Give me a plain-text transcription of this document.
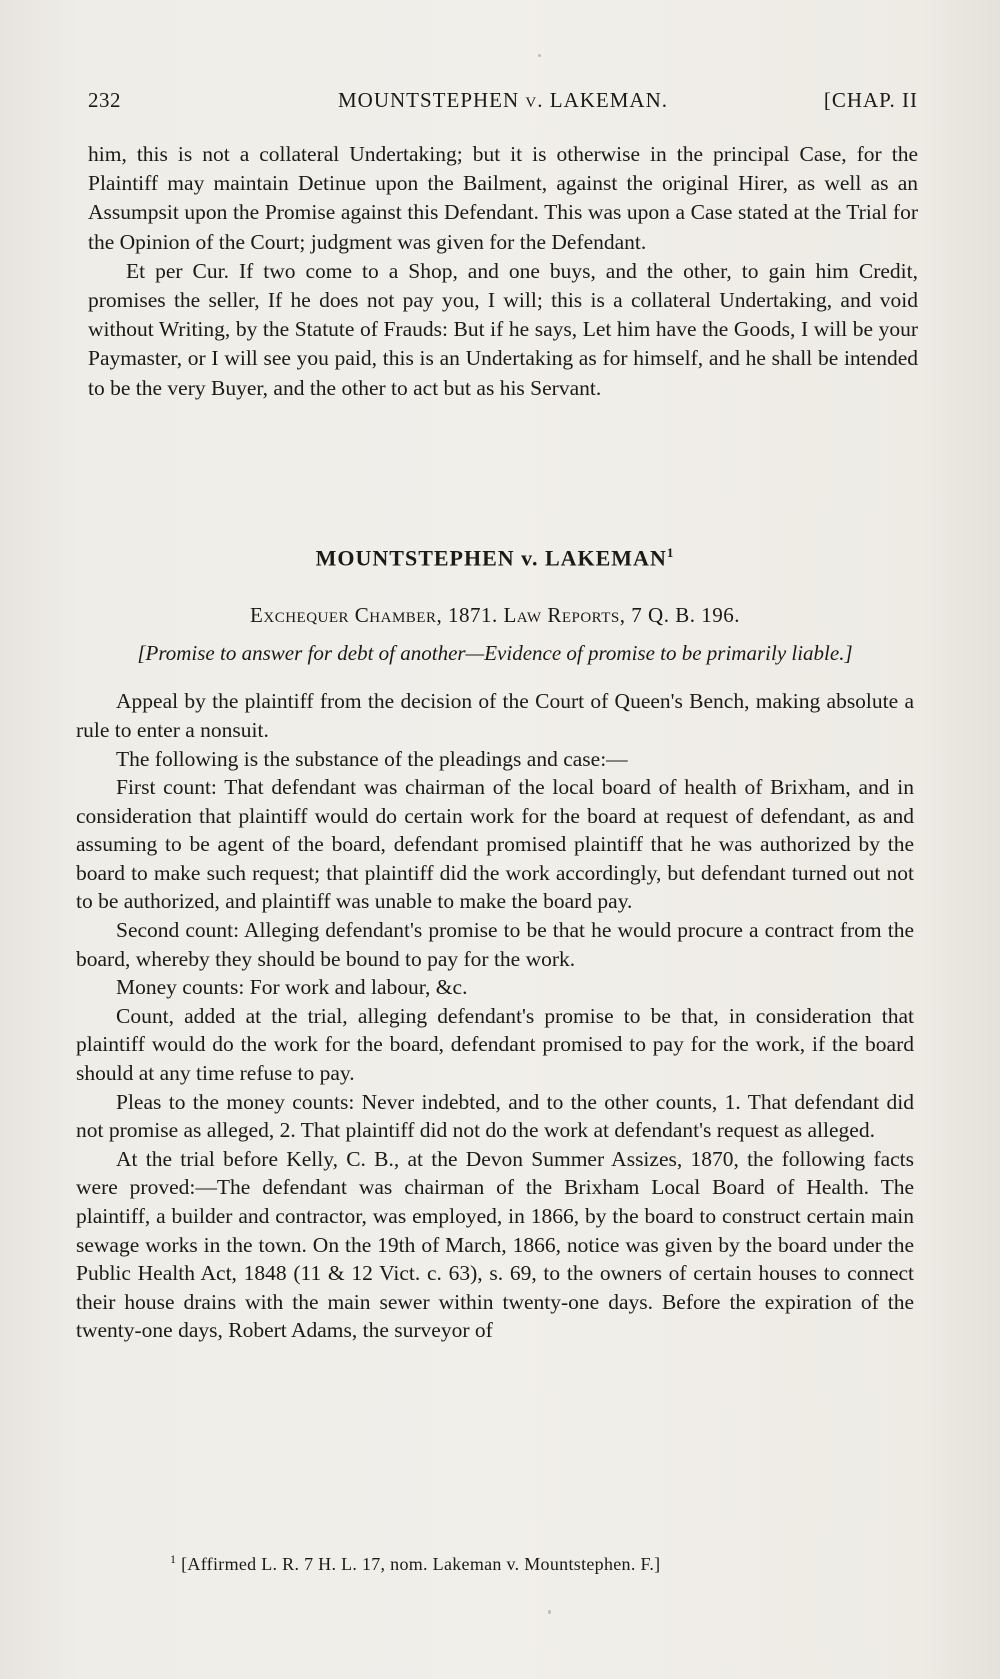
232	MOUNTSTEPHEN v. LAKEMAN.	[CHAP. II

him, this is not a collateral Undertaking; but it is otherwise in the principal Case, for the Plaintiff may maintain Detinue upon the Bailment, against the original Hirer, as well as an Assumpsit upon the Promise against this Defendant. This was upon a Case stated at the Trial for the Opinion of the Court; judgment was given for the Defendant.

Et per Cur. If two come to a Shop, and one buys, and the other, to gain him Credit, promises the seller, If he does not pay you, I will; this is a collateral Undertaking, and void without Writing, by the Statute of Frauds: But if he says, Let him have the Goods, I will be your Paymaster, or I will see you paid, this is an Undertaking as for himself, and he shall be intended to be the very Buyer, and the other to act but as his Servant.

MOUNTSTEPHEN v. LAKEMAN$^1$
Exchequer Chamber, 1871. Law Reports, 7 Q. B. 196.
[Promise to answer for debt of another—Evidence of promise to be primarily liable.]

Appeal by the plaintiff from the decision of the Court of Queen's Bench, making absolute a rule to enter a nonsuit.

The following is the substance of the pleadings and case:—

First count: That defendant was chairman of the local board of health of Brixham, and in consideration that plaintiff would do certain work for the board at request of defendant, as and assuming to be agent of the board, defendant promised plaintiff that he was authorized by the board to make such request; that plaintiff did the work accordingly, but defendant turned out not to be authorized, and plaintiff was unable to make the board pay.

Second count: Alleging defendant's promise to be that he would procure a contract from the board, whereby they should be bound to pay for the work.

Money counts: For work and labour, &c.

Count, added at the trial, alleging defendant's promise to be that, in consideration that plaintiff would do the work for the board, defendant promised to pay for the work, if the board should at any time refuse to pay.

Pleas to the money counts: Never indebted, and to the other counts, 1. That defendant did not promise as alleged, 2. That plaintiff did not do the work at defendant's request as alleged.

At the trial before Kelly, C. B., at the Devon Summer Assizes, 1870, the following facts were proved:—The defendant was chairman of the Brixham Local Board of Health. The plaintiff, a builder and contractor, was employed, in 1866, by the board to construct certain main sewage works in the town. On the 19th of March, 1866, notice was given by the board under the Public Health Act, 1848 (11 & 12 Vict. c. 63), s. 69, to the owners of certain houses to connect their house drains with the main sewer within twenty-one days. Before the expiration of the twenty-one days, Robert Adams, the surveyor of

$^1$ [Affirmed L. R. 7 H. L. 17, nom. Lakeman v. Mountstephen. F.]
